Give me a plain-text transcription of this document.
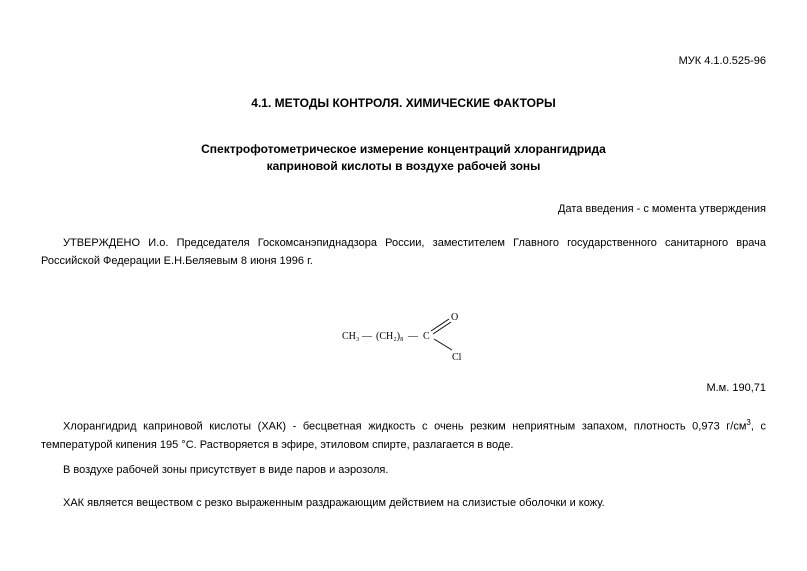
МУК 4.1.0.525-96
4.1. МЕТОДЫ КОНТРОЛЯ. ХИМИЧЕСКИЕ ФАКТОРЫ
Спектрофотометрическое измерение концентраций хлорангидрида
каприновой кислоты в воздухе рабочей зоны
Дата введения - с момента утверждения
УТВЕРЖДЕНО И.о. Председателя Госкомсанэпиднадзора России, заместителем Главного государственного санитарного врача Российской Федерации Е.Н.Беляевым 8 июня 1996 г.
CH₃ — (CH₂)₈ — C
O
Cl
М.м. 190,71
Хлорангидрид каприновой кислоты (ХАК) - бесцветная жидкость с очень резким неприятным запахом, плотность 0,973 $г/см^3$, с температурой кипения 195 °С. Растворяется в эфире, этиловом спирте, разлагается в воде.
В воздухе рабочей зоны присутствует в виде паров и аэрозоля.
ХАК является веществом с резко выраженным раздражающим действием на слизистые оболочки и кожу.
